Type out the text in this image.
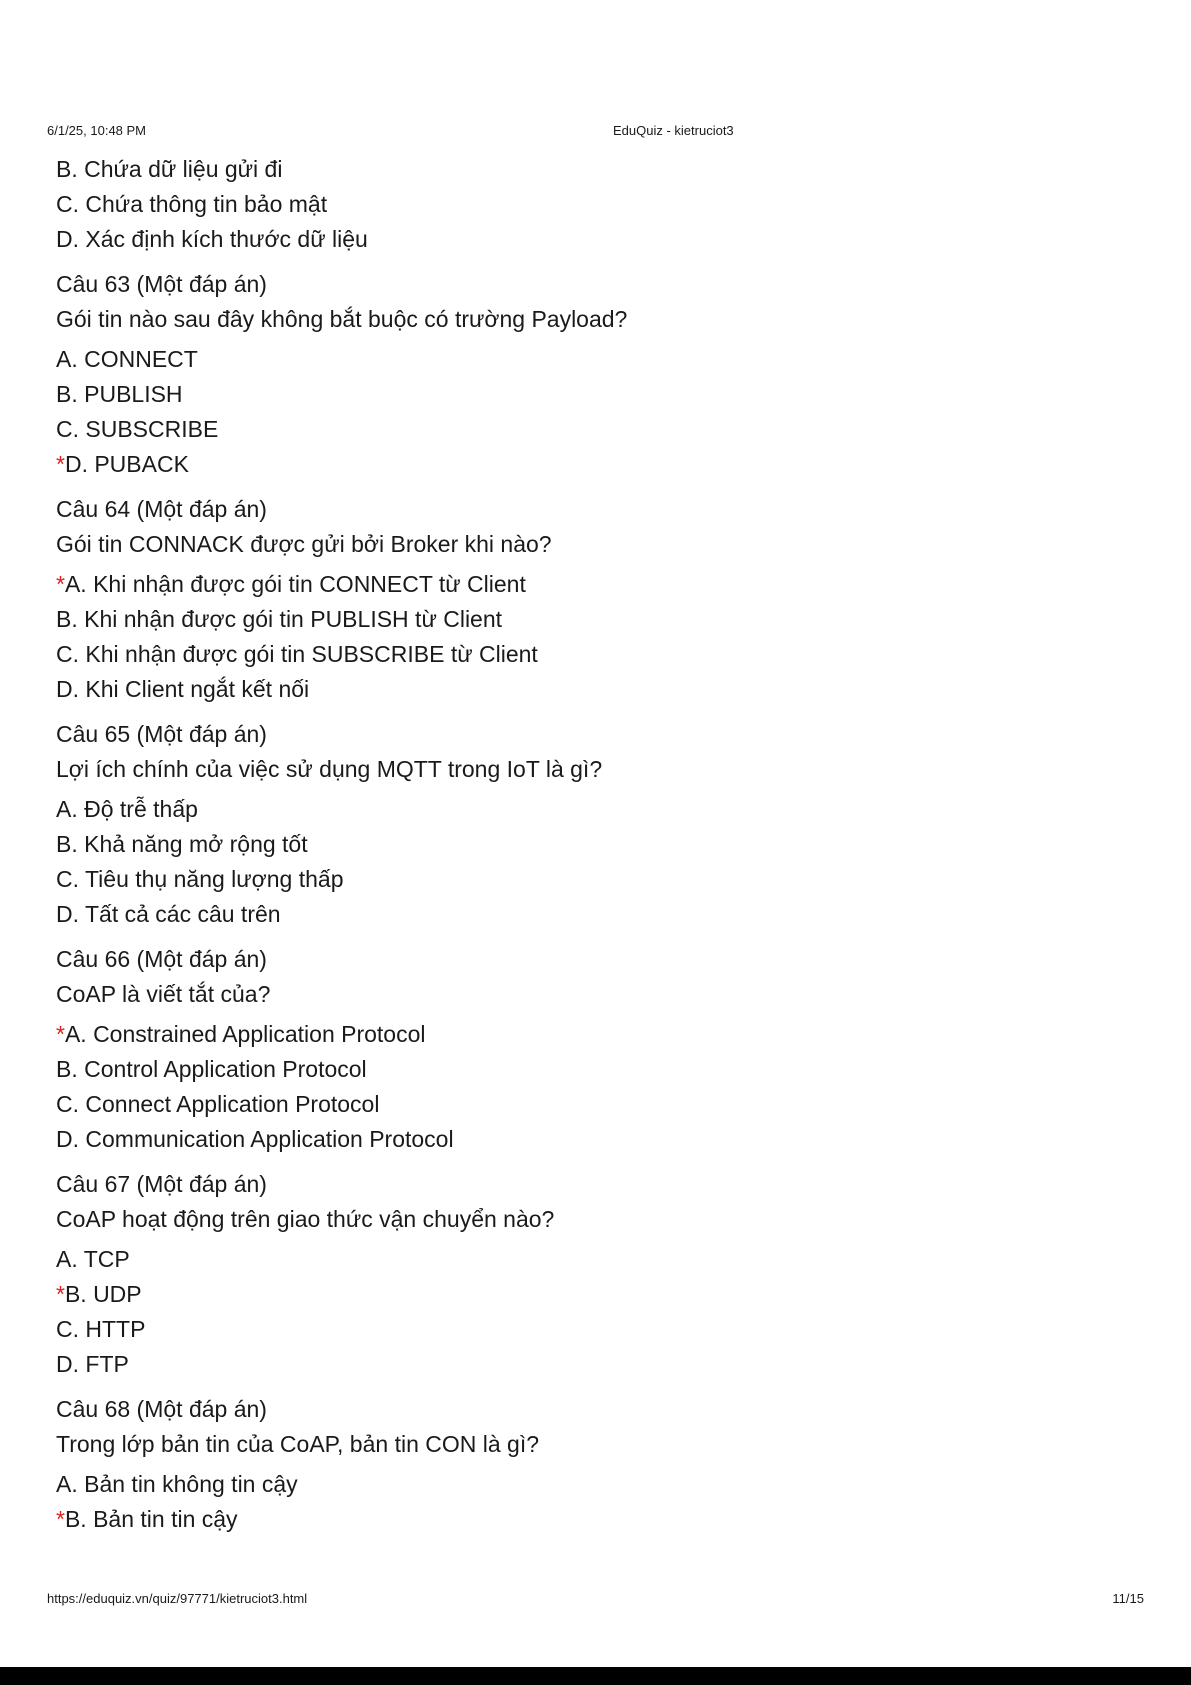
6/1/25, 10:48 PM	EduQuiz - kietruciot3
B. Chứa dữ liệu gửi đi
C. Chứa thông tin bảo mật
D. Xác định kích thước dữ liệu
Câu 63 (Một đáp án)
Gói tin nào sau đây không bắt buộc có trường Payload?
A. CONNECT
B. PUBLISH
C. SUBSCRIBE
*D. PUBACK
Câu 64 (Một đáp án)
Gói tin CONNACK được gửi bởi Broker khi nào?
*A. Khi nhận được gói tin CONNECT từ Client
B. Khi nhận được gói tin PUBLISH từ Client
C. Khi nhận được gói tin SUBSCRIBE từ Client
D. Khi Client ngắt kết nối
Câu 65 (Một đáp án)
Lợi ích chính của việc sử dụng MQTT trong IoT là gì?
A. Độ trễ thấp
B. Khả năng mở rộng tốt
C. Tiêu thụ năng lượng thấp
D. Tất cả các câu trên
Câu 66 (Một đáp án)
CoAP là viết tắt của?
*A. Constrained Application Protocol
B. Control Application Protocol
C. Connect Application Protocol
D. Communication Application Protocol
Câu 67 (Một đáp án)
CoAP hoạt động trên giao thức vận chuyển nào?
A. TCP
*B. UDP
C. HTTP
D. FTP
Câu 68 (Một đáp án)
Trong lớp bản tin của CoAP, bản tin CON là gì?
A. Bản tin không tin cậy
*B. Bản tin tin cậy
https://eduquiz.vn/quiz/97771/kietruciot3.html	11/15
